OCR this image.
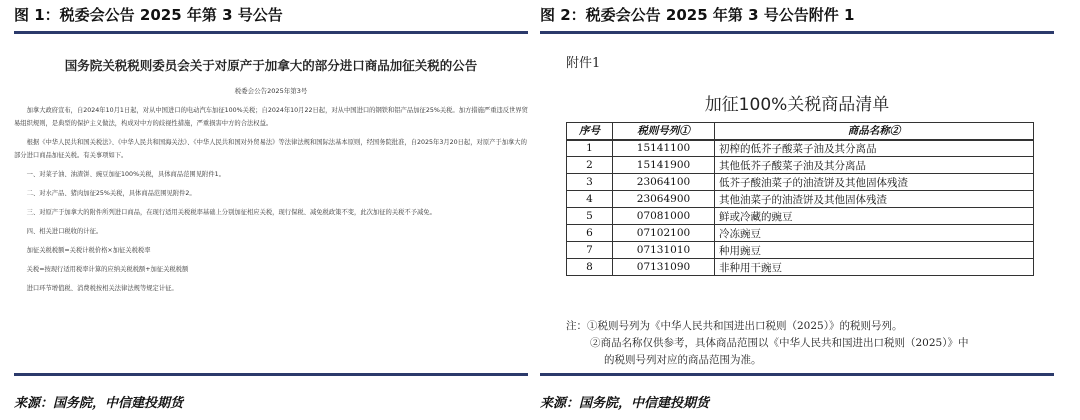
图 1：税委会公告 2025 年第 3 号公告
国务院关税税则委员会关于对原产于加拿大的部分进口商品加征关税的公告
税委会公告2025年第3号

加拿大政府宣布，自2024年10月1日起，对从中国进口的电动汽车加征100%关税；自2024年10月22日起，对从中国进口的钢铁和铝产品加征25%关税。加方措施严重违反世界贸易组织规则，是典型的保护主义做法，构成对中方的歧视性措施，严重损害中方的合法权益。

根据《中华人民共和国关税法》、《中华人民共和国海关法》、《中华人民共和国对外贸易法》等法律法规和国际法基本原则，经国务院批准，自2025年3月20日起，对原产于加拿大的部分进口商品加征关税。有关事项如下。

一、对菜子油、油渣饼、豌豆加征100%关税，具体商品范围见附件1。

二、对水产品、猪肉加征25%关税，具体商品范围见附件2。

三、对原产于加拿大的附件所列进口商品，在现行适用关税税率基础上分别加征相应关税，现行保税、减免税政策不变，此次加征的关税不予减免。

四、相关进口税收的计征。

加征关税税额=关税计税价格×加征关税税率

关税=按现行适用税率计算的应纳关税税额+加征关税税额

进口环节增值税、消费税按相关法律法规等规定计征。

来源：国务院，中信建投期货
图 2：税委会公告 2025 年第 3 号公告附件 1
附件1
加征100%关税商品清单
序号	税则号列①	商品名称②
1	15141100	初榨的低芥子酸菜子油及其分离品
2	15141900	其他低芥子酸菜子油及其分离品
3	23064100	低芥子酸油菜子的油渣饼及其他固体残渣
4	23064900	其他油菜子的油渣饼及其他固体残渣
5	07081000	鲜或冷藏的豌豆
6	07102100	冷冻豌豆
7	07131010	种用豌豆
8	07131090	非种用干豌豆
注：①税则号列为《中华人民共和国进出口税则（2025）》的税则号列。
②商品名称仅供参考，具体商品范围以《中华人民共和国进出口税则（2025）》中
的税则号列对应的商品范围为准。
来源：国务院，中信建投期货
